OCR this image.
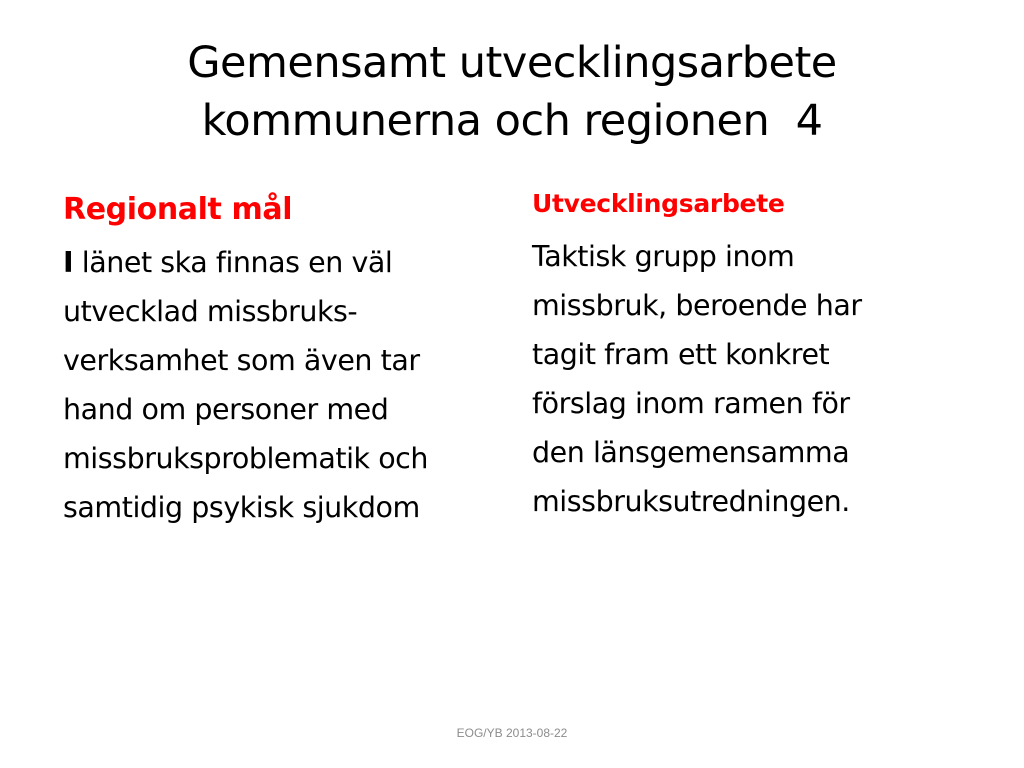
Gemensamt utvecklingsarbete
kommunerna och regionen  4

Regionalt mål

I länet ska finnas en väl
utvecklad missbruks-
verksamhet som även tar
hand om personer med
missbruksproblematik och
samtidig psykisk sjukdom

Utvecklingsarbete

Taktisk grupp inom
missbruk, beroende har
tagit fram ett konkret
förslag inom ramen för
den länsgemensamma
missbruksutredningen.

EOG/YB 2013-08-22
